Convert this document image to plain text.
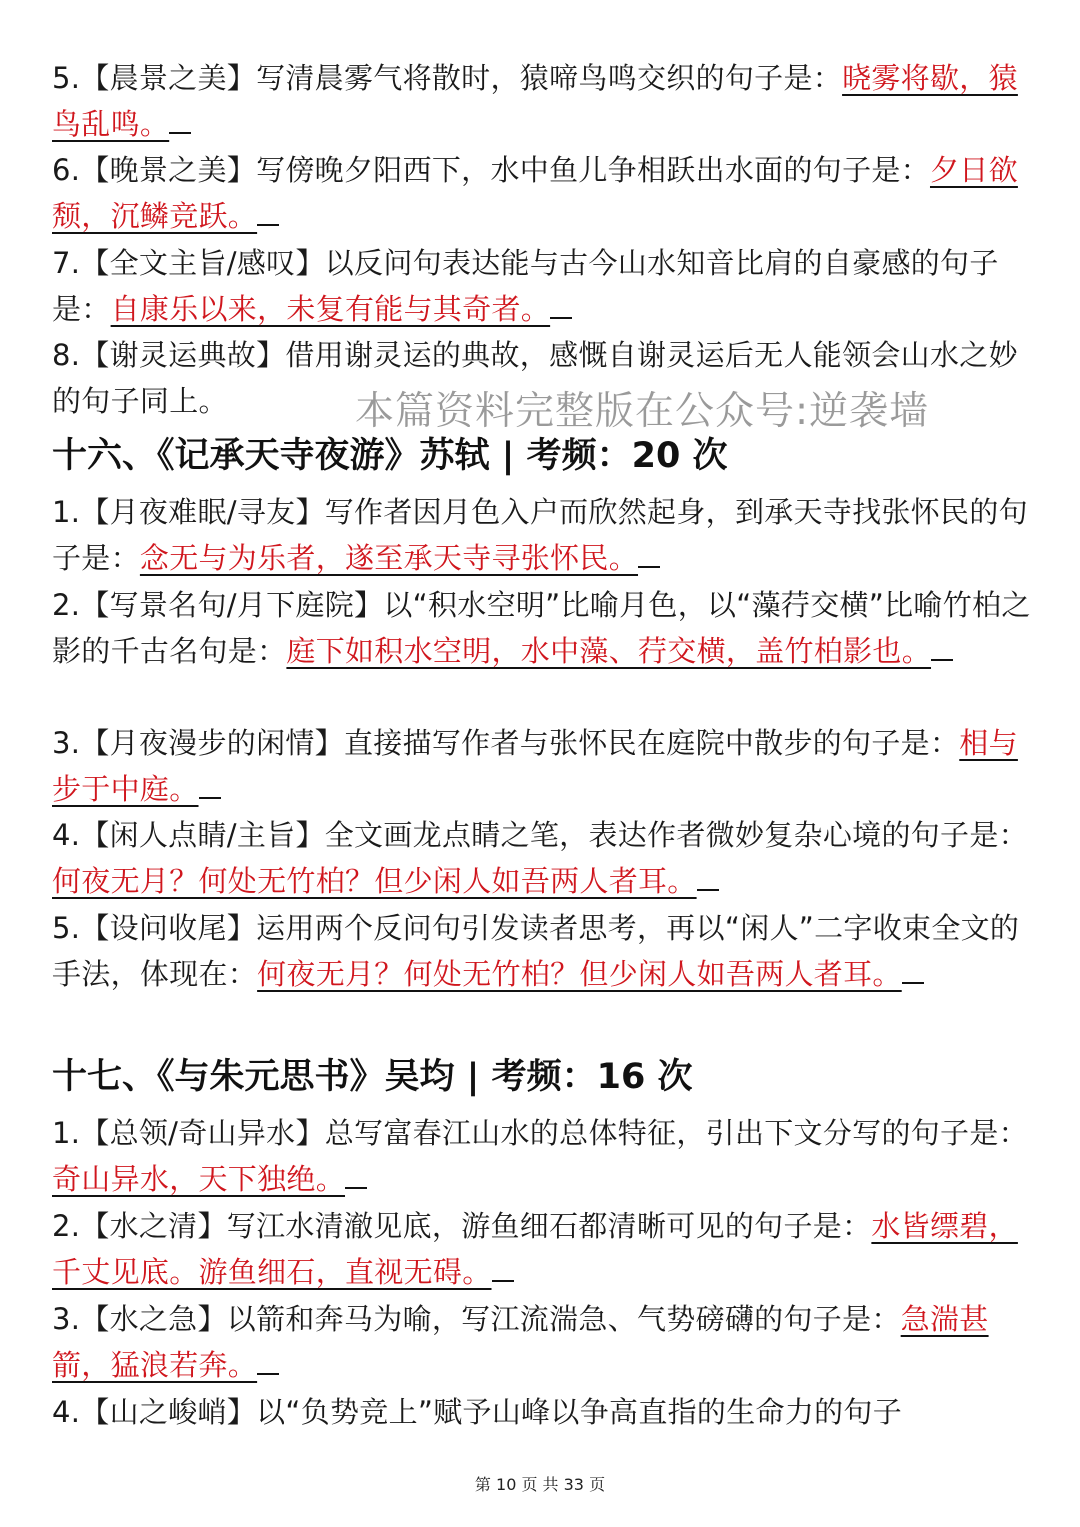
5.【晨景之美】写清晨雾气将散时，猿啼鸟鸣交织的句子是：晓雾将歇，猿鸟乱鸣。
6.【晚景之美】写傍晚夕阳西下，水中鱼儿争相跃出水面的句子是：夕日欲颓，沉鳞竞跃。
7.【全文主旨/感叹】以反问句表达能与古今山水知音比肩的自豪感的句子是：自康乐以来，未复有能与其奇者。
8.【谢灵运典故】借用谢灵运的典故，感慨自谢灵运后无人能领会山水之妙的句子同上。	本篇资料完整版在公众号:逆袭墙
十六、《记承天寺夜游》苏轼 | 考频：20 次
1.【月夜难眠/寻友】写作者因月色入户而欣然起身，到承天寺找张怀民的句子是：念无与为乐者，遂至承天寺寻张怀民。
2.【写景名句/月下庭院】以“积水空明”比喻月色，以“藻荇交横”比喻竹柏之影的千古名句是：庭下如积水空明，水中藻、荇交横，盖竹柏影也。
3.【月夜漫步的闲情】直接描写作者与张怀民在庭院中散步的句子是：相与步于中庭。
4.【闲人点睛/主旨】全文画龙点睛之笔，表达作者微妙复杂心境的句子是：何夜无月？何处无竹柏？但少闲人如吾两人者耳。
5.【设问收尾】运用两个反问句引发读者思考，再以“闲人”二字收束全文的手法，体现在：何夜无月？何处无竹柏？但少闲人如吾两人者耳。
十七、《与朱元思书》吴均 | 考频：16 次
1.【总领/奇山异水】总写富春江山水的总体特征，引出下文分写的句子是：奇山异水，天下独绝。
2.【水之清】写江水清澈见底，游鱼细石都清晰可见的句子是：水皆缥碧，千丈见底。游鱼细石，直视无碍。
3.【水之急】以箭和奔马为喻，写江流湍急、气势磅礴的句子是：急湍甚箭，猛浪若奔。
4.【山之峻峭】以“负势竞上”赋予山峰以争高直指的生命力的句子
第 10 页 共 33 页
